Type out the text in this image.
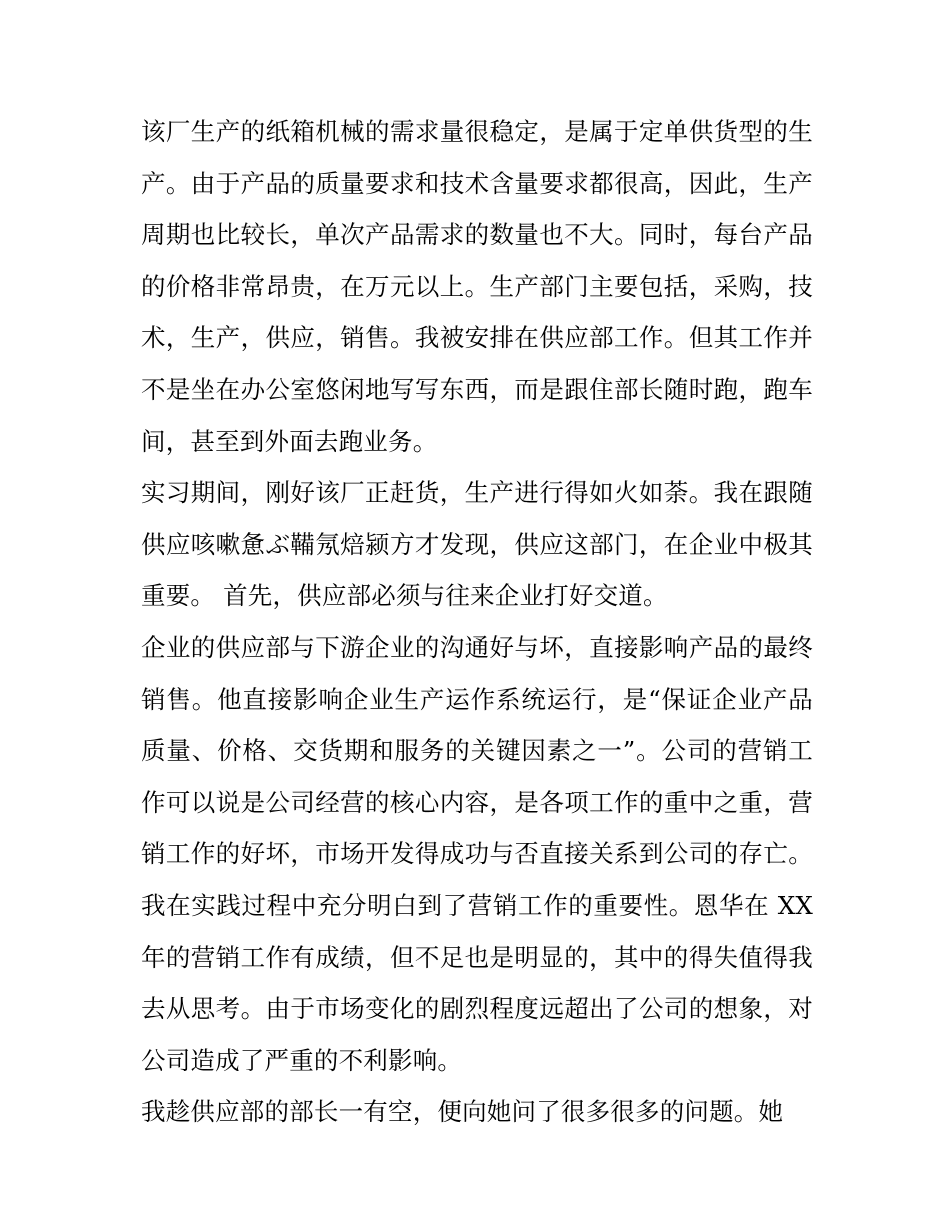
该厂生产的纸箱机械的需求量很稳定，是属于定单供货型的生
产。由于产品的质量要求和技术含量要求都很高，因此，生产
周期也比较长，单次产品需求的数量也不大。同时，每台产品
的价格非常昂贵，在万元以上。生产部门主要包括，采购，技
术，生产，供应，销售。我被安排在供应部工作。但其工作并
不是坐在办公室悠闲地写写东西，而是跟住部长随时跑，跑车
间，甚至到外面去跑业务。

实习期间，刚好该厂正赶货，生产进行得如火如荼。我在跟随
供应咳嗽惫ぶ鞴氖焙颍方才发现，供应这部门，在企业中极其
重要。 首先，供应部必须与往来企业打好交道。

企业的供应部与下游企业的沟通好与坏，直接影响产品的最终
销售。他直接影响企业生产运作系统运行，是“保证企业产品
质量、价格、交货期和服务的关键因素之一”。公司的营销工
作可以说是公司经营的核心内容，是各项工作的重中之重，营
销工作的好坏，市场开发得成功与否直接关系到公司的存亡。
我在实践过程中充分明白到了营销工作的重要性。恩华在 XX
年的营销工作有成绩，但不足也是明显的，其中的得失值得我
去从思考。由于市场变化的剧烈程度远超出了公司的想象，对
公司造成了严重的不利影响。

我趁供应部的部长一有空，便向她问了很多很多的问题。她
